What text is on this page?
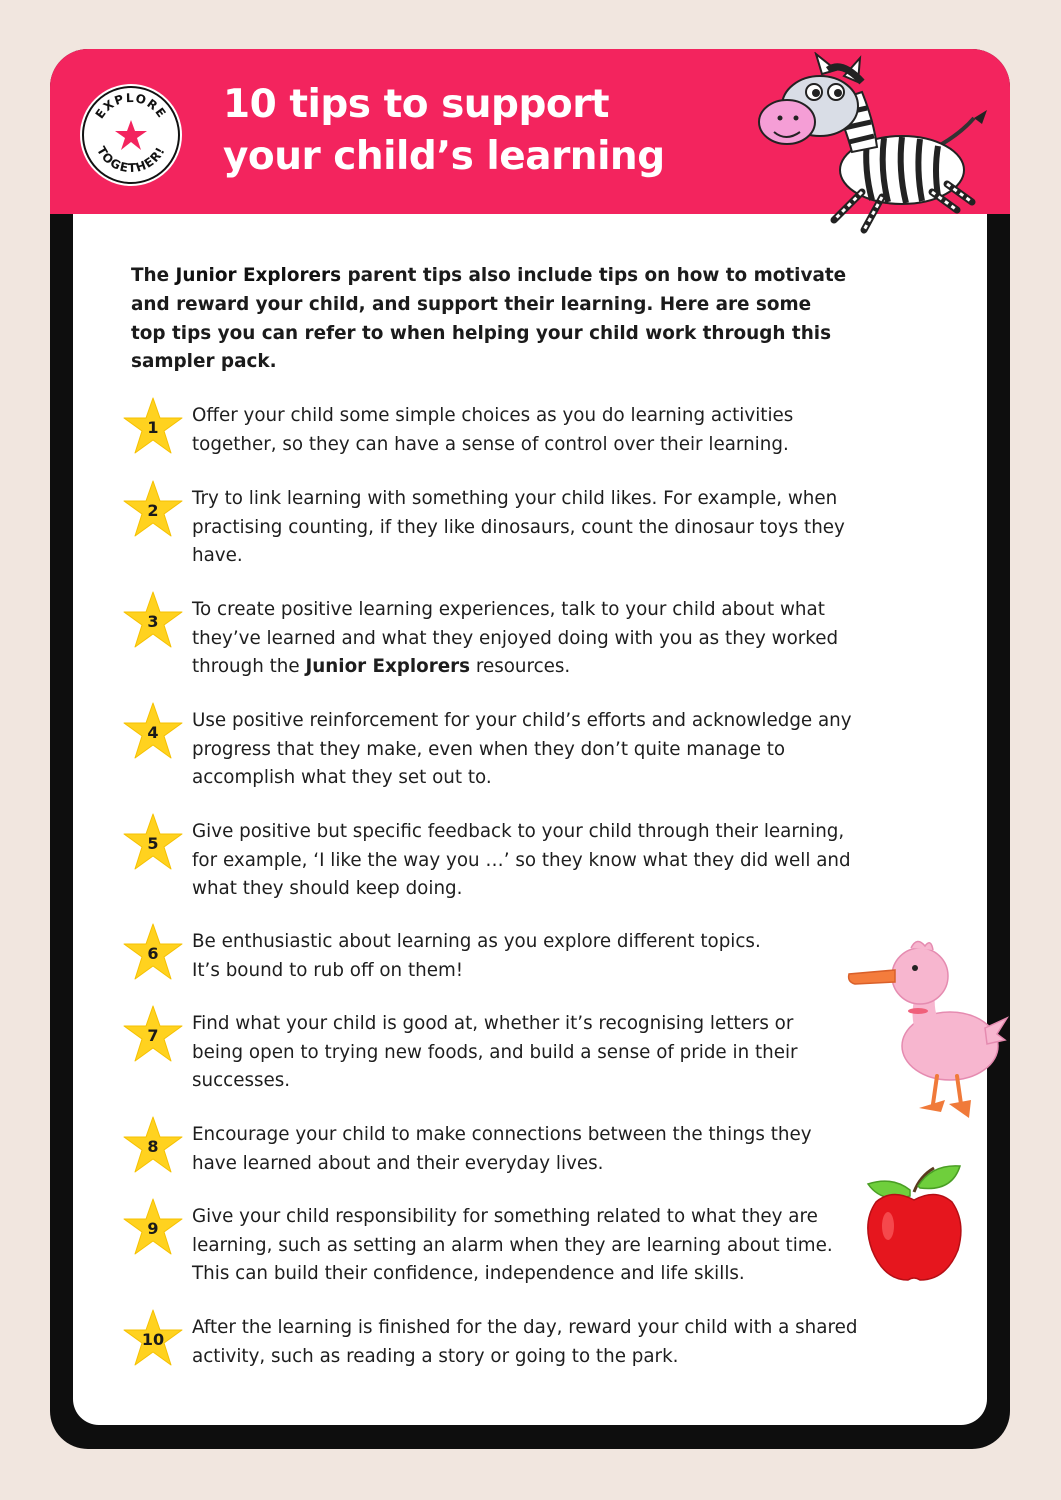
EXPLORE
TOGETHER!
10 tips to support
your child’s learning

The Junior Explorers parent tips also include tips on how to motivate and reward your child, and support their learning. Here are some top tips you can refer to when helping your child work through this sampler pack.

1

Offer your child some simple choices as you do learning activities together, so they can have a sense of control over their learning.

2

Try to link learning with something your child likes. For example, when practising counting, if they like dinosaurs, count the dinosaur toys they have.

3

To create positive learning experiences, talk to your child about what they’ve learned and what they enjoyed doing with you as they worked through the Junior Explorers resources.

4

Use positive reinforcement for your child’s efforts and acknowledge any progress that they make, even when they don’t quite manage to accomplish what they set out to.

5

Give positive but specific feedback to your child through their learning, for example, ‘I like the way you …’ so they know what they did well and what they should keep doing.

6

Be enthusiastic about learning as you explore different topics. It’s bound to rub off on them!

7

Find what your child is good at, whether it’s recognising letters or being open to trying new foods, and build a sense of pride in their successes.

8

Encourage your child to make connections between the things they have learned about and their everyday lives.

9

Give your child responsibility for something related to what they are learning, such as setting an alarm when they are learning about time. This can build their confidence, independence and life skills.

10

After the learning is finished for the day, reward your child with a shared activity, such as reading a story or going to the park.
